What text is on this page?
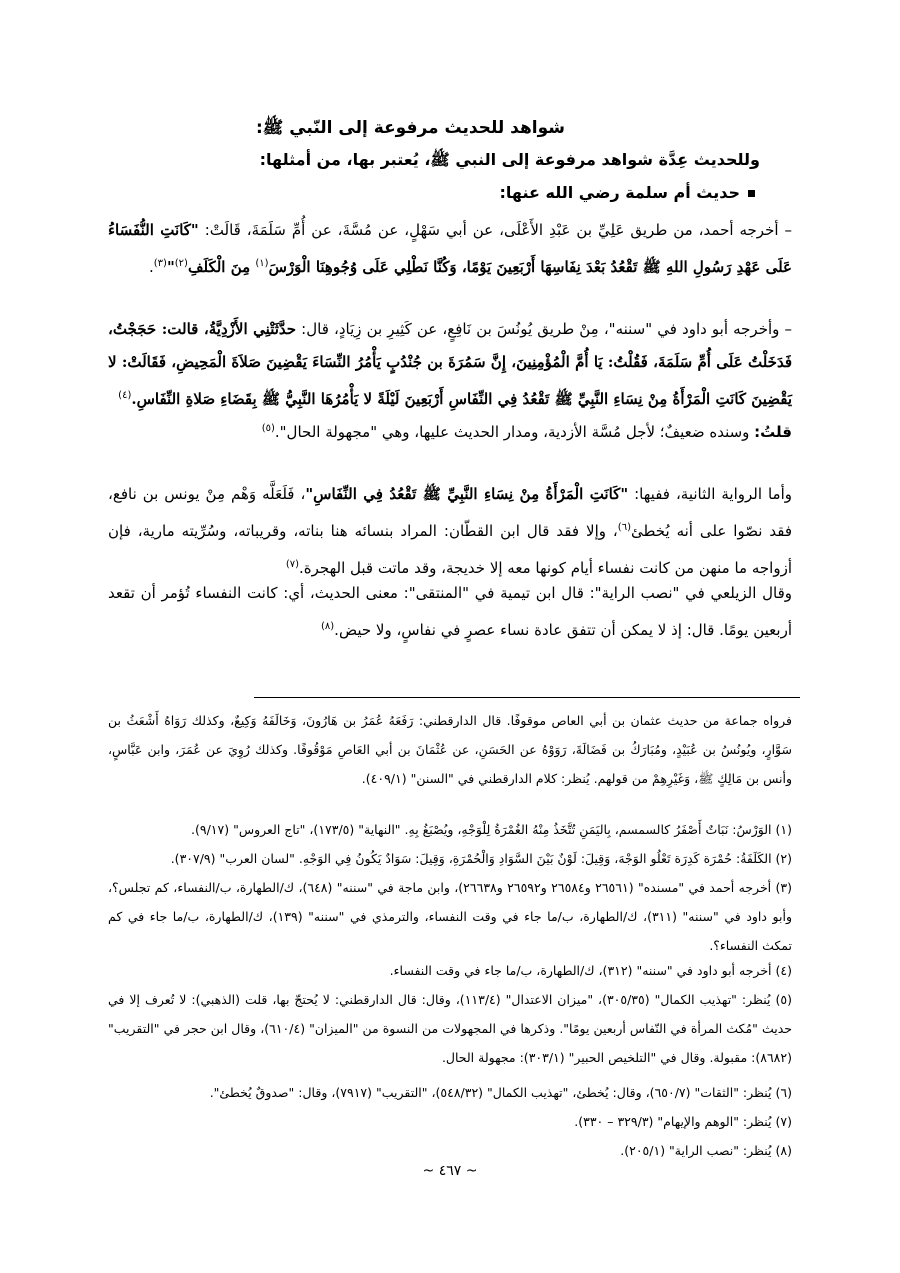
شواهد للحديث مرفوعة إلى النّبي ﷺ:
وللحديث عِدَّة شواهد مرفوعة إلى النبي ﷺ، يُعتبر بها، من أمثلها:
حديث أم سلمة رضي الله عنها:
– أخرجه أحمد، من طريق عَلِيِّ بن عَبْدِ الأَعْلَى، عن أبي سَهْلٍ، عن مُسَّةَ، عن أُمِّ سَلَمَةَ، قَالَتْ: "كَانَتِ النُّفَسَاءُ عَلَى عَهْدِ رَسُولِ اللهِ ﷺ تَقْعُدُ بَعْدَ نِفَاسِهَا أَرْبَعِينَ يَوْمًا، وَكُنَّا نَطْلِي عَلَى وُجُوهِنَا الْوَرْسَ$^{(١)}$ مِنَ الْكَلَفِ$^{(٢)}$"$^{(٣)}$.
– وأخرجه أبو داود في "سننه"، مِنْ طريق يُونُسَ بن نَافِعٍ، عن كَثِيرِ بن زِيَادٍ، قال: حدَّثَتْنِي الأَزْدِيَّةُ، قالت: حَجَجْتُ، فَدَخَلْتُ عَلَى أُمِّ سَلَمَةَ، فَقُلْتُ: يَا أُمَّ الْمُؤْمِنِينَ، إِنَّ سَمُرَةَ بن جُنْدُبٍ يَأْمُرُ النِّسَاءَ يَقْضِينَ صَلاَةَ الْمَحِيضِ، فَقَالَتْ: لا يَقْضِينَ كَانَتِ الْمَرْأَةُ مِنْ نِسَاءِ النَّبِيِّ ﷺ تَقْعُدُ فِي النِّفَاسِ أَرْبَعِينَ لَيْلَةً لا يَأْمُرُهَا النَّبِيُّ ﷺ بِقَضَاءِ صَلاةِ النِّفَاسِ.$^{(٤)}$
قلتُ: وسنده ضعيفٌ؛ لأجل مُسَّة الأزدية، ومدار الحديث عليها، وهي "مجهولة الحال".$^{(٥)}$
وأما الرواية الثانية، ففيها: "كَانَتِ الْمَرْأَةُ مِنْ نِسَاءِ النَّبِيِّ ﷺ تَقْعُدُ فِي النِّفَاسِ"، فَلَعَلَّه وَهْم مِنْ يونس بن نافع، فقد نصّوا على أنه يُخطئ$^{(٦)}$، وإلا فقد قال ابن القطّان: المراد بنسائه هنا بناته، وقريباته، وسُرِّيته مارية، فإن أزواجه ما منهن من كانت نفساء أيام كونها معه إلا خديجة، وقد ماتت قبل الهجرة.$^{(٧)}$
وقال الزيلعي في "نصب الراية": قال ابن تيمية في "المنتقى": معنى الحديث، أي: كانت النفساء تُؤمر أن تقعد أربعين يومًا. قال: إذ لا يمكن أن تتفق عادة نساء عصرٍ في نفاسٍ، ولا حيض.$^{(٨)}$
فرواه جماعة من حديث عثمان بن أبي العاص موقوفًا. قال الدارقطني: رَفَعَهُ عُمَرُ بن هَارُونَ، وَخَالَفَهُ وَكِيعٌ، وكذلك رَوَاهُ أَشْعَثُ بن سَوَّارٍ، ويُونُسُ بن عُبَيْدٍ، ومُبَارَكُ بن فَضَالَةَ، رَوَوْهُ عن الحَسَنِ، عن عُثْمَانَ بن أبي العَاصِ مَوْقُوفًا. وكذلك رُوِيَ عن عُمَرَ، وابن عَبَّاسٍ، وأنس بن مَالِكٍ ﷺ، وَغَيْرِهِمْ من قولهم. يُنظر: كلام الدارقطني في "السنن" (٤٠٩/١).
(١) الوَرْسُ: نَبَاتٌ أَصْفَرُ كالسمسم، بِاليَمَنِ تُتَّخَذُ مِنْهُ الغُمْرَةُ لِلْوَجْهِ، ويُصْبَغُ بِهِ. "النهاية" (١٧٣/٥)، "تاج العروس" (٩/١٧).
(٢) الكَلَفَةُ: حُمْرَة كَدِرَة تَعْلُو الوَجْهَ، وَقِيلَ: لَوْنٌ بَيْنَ السَّوَادِ وَالْحُمْرَةِ، وَقِيلَ: سَوَادٌ يَكُونُ فِي الوَجْهِ. "لسان العرب" (٣٠٧/٩).
(٣) أخرجه أحمد في "مسنده" (٢٦٥٦١ و٢٦٥٨٤ و٢٦٥٩٢ و٢٦٦٣٨)، وابن ماجة في "سننه" (٦٤٨)، ك/الطهارة، ب/النفساء، كم تجلس؟، وأبو داود في "سننه" (٣١١)، ك/الطهارة، ب/ما جاء في وقت النفساء، والترمذي في "سننه" (١٣٩)، ك/الطهارة، ب/ما جاء في كم تمكث النفساء؟.
(٤) أخرجه أبو داود في "سننه" (٣١٢)، ك/الطهارة، ب/ما جاء في وقت النفساء.
(٥) يُنظر: "تهذيب الكمال" (٣٠٥/٣٥)، "ميزان الاعتدال" (١١٣/٤)، وقال: قال الدارقطني: لا يُحتجّ بها، قلت (الذهبي): لا تُعرف إلا في حديث "مُكث المرأة في النّفاس أربعين يومًا". وذكرها في المجهولات من النسوة من "الميزان" (٦١٠/٤)، وقال ابن حجر في "التقريب" (٨٦٨٢): مقبولة. وقال في "التلخيص الحبير" (٣٠٣/١): مجهولة الحال.
(٦) يُنظر: "الثقات" (٦٥٠/٧)، وقال: يُخطئ، "تهذيب الكمال" (٥٤٨/٣٢)، "التقريب" (٧٩١٧)، وقال: "صدوقٌ يُخطئ".
(٧) يُنظر: "الوهم والإيهام" (٣٢٩/٣ – ٣٣٠).
(٨) يُنظر: "نصب الراية" (٢٠٥/١).
~ ٤٦٧ ~
